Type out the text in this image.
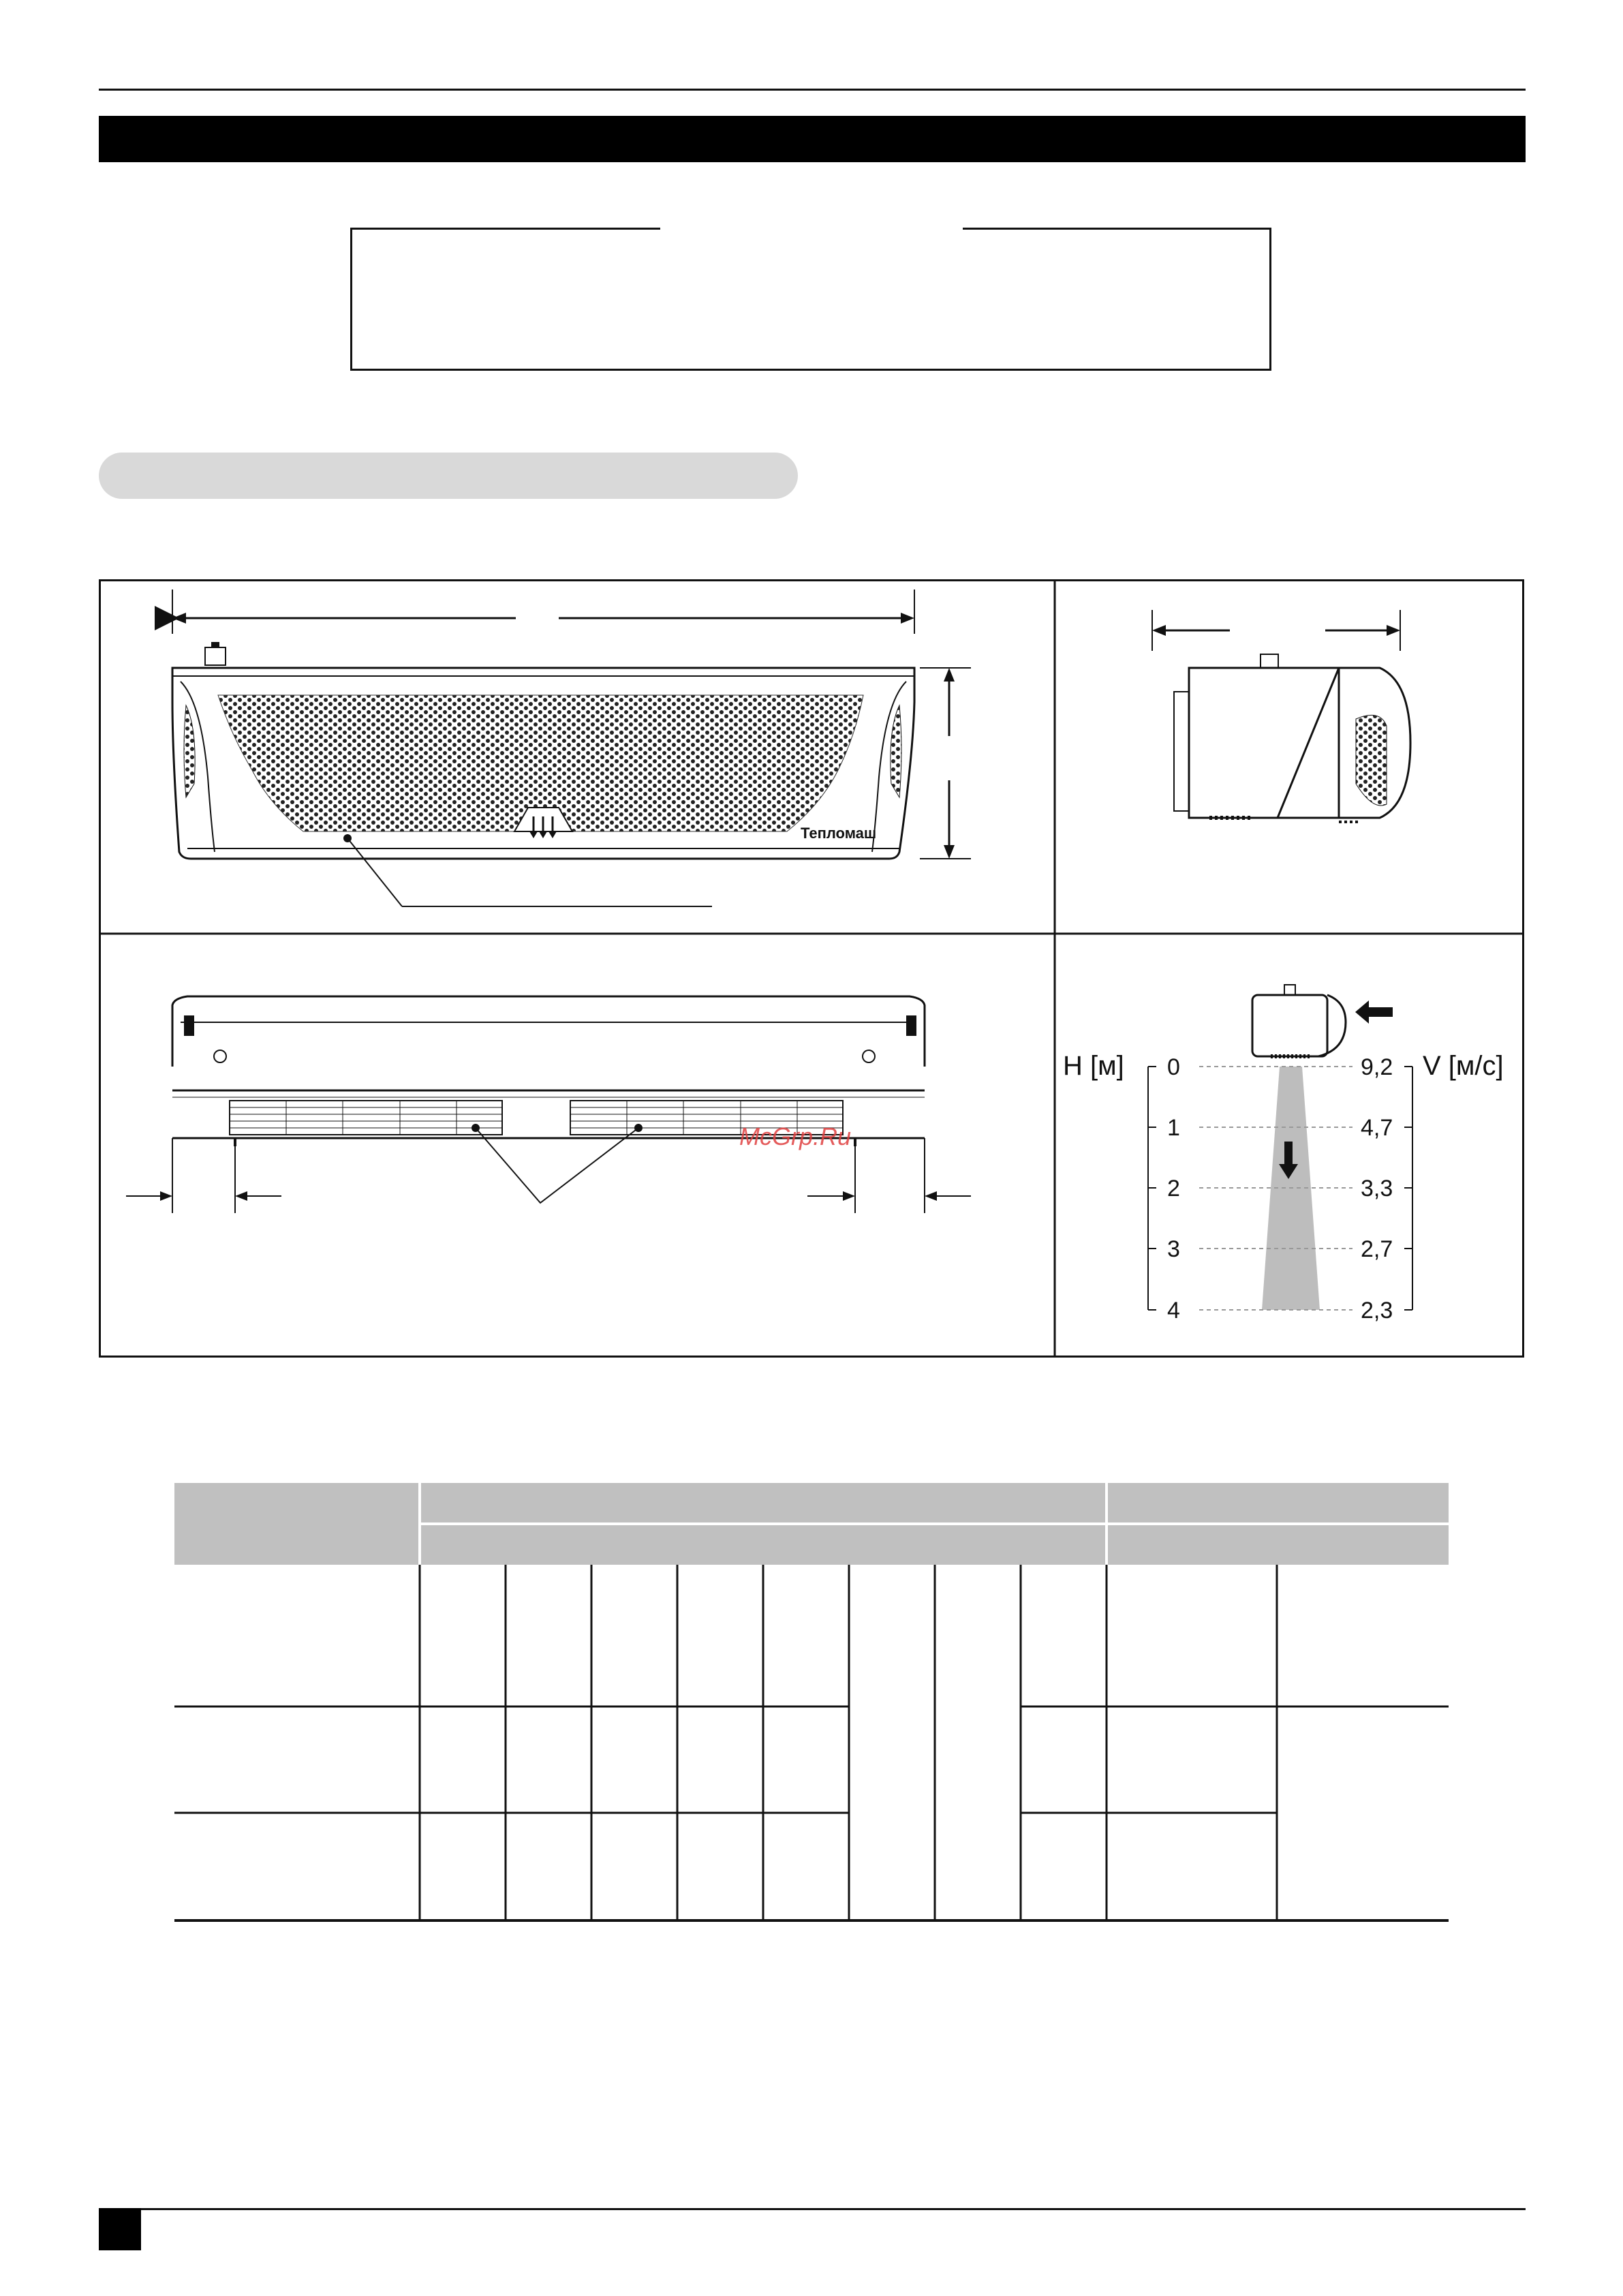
Тепломаш
McGrp.Ru
H [м]	V [м/с]
0
1
2
3
4
9,2
4,7
3,3
2,7
2,3
